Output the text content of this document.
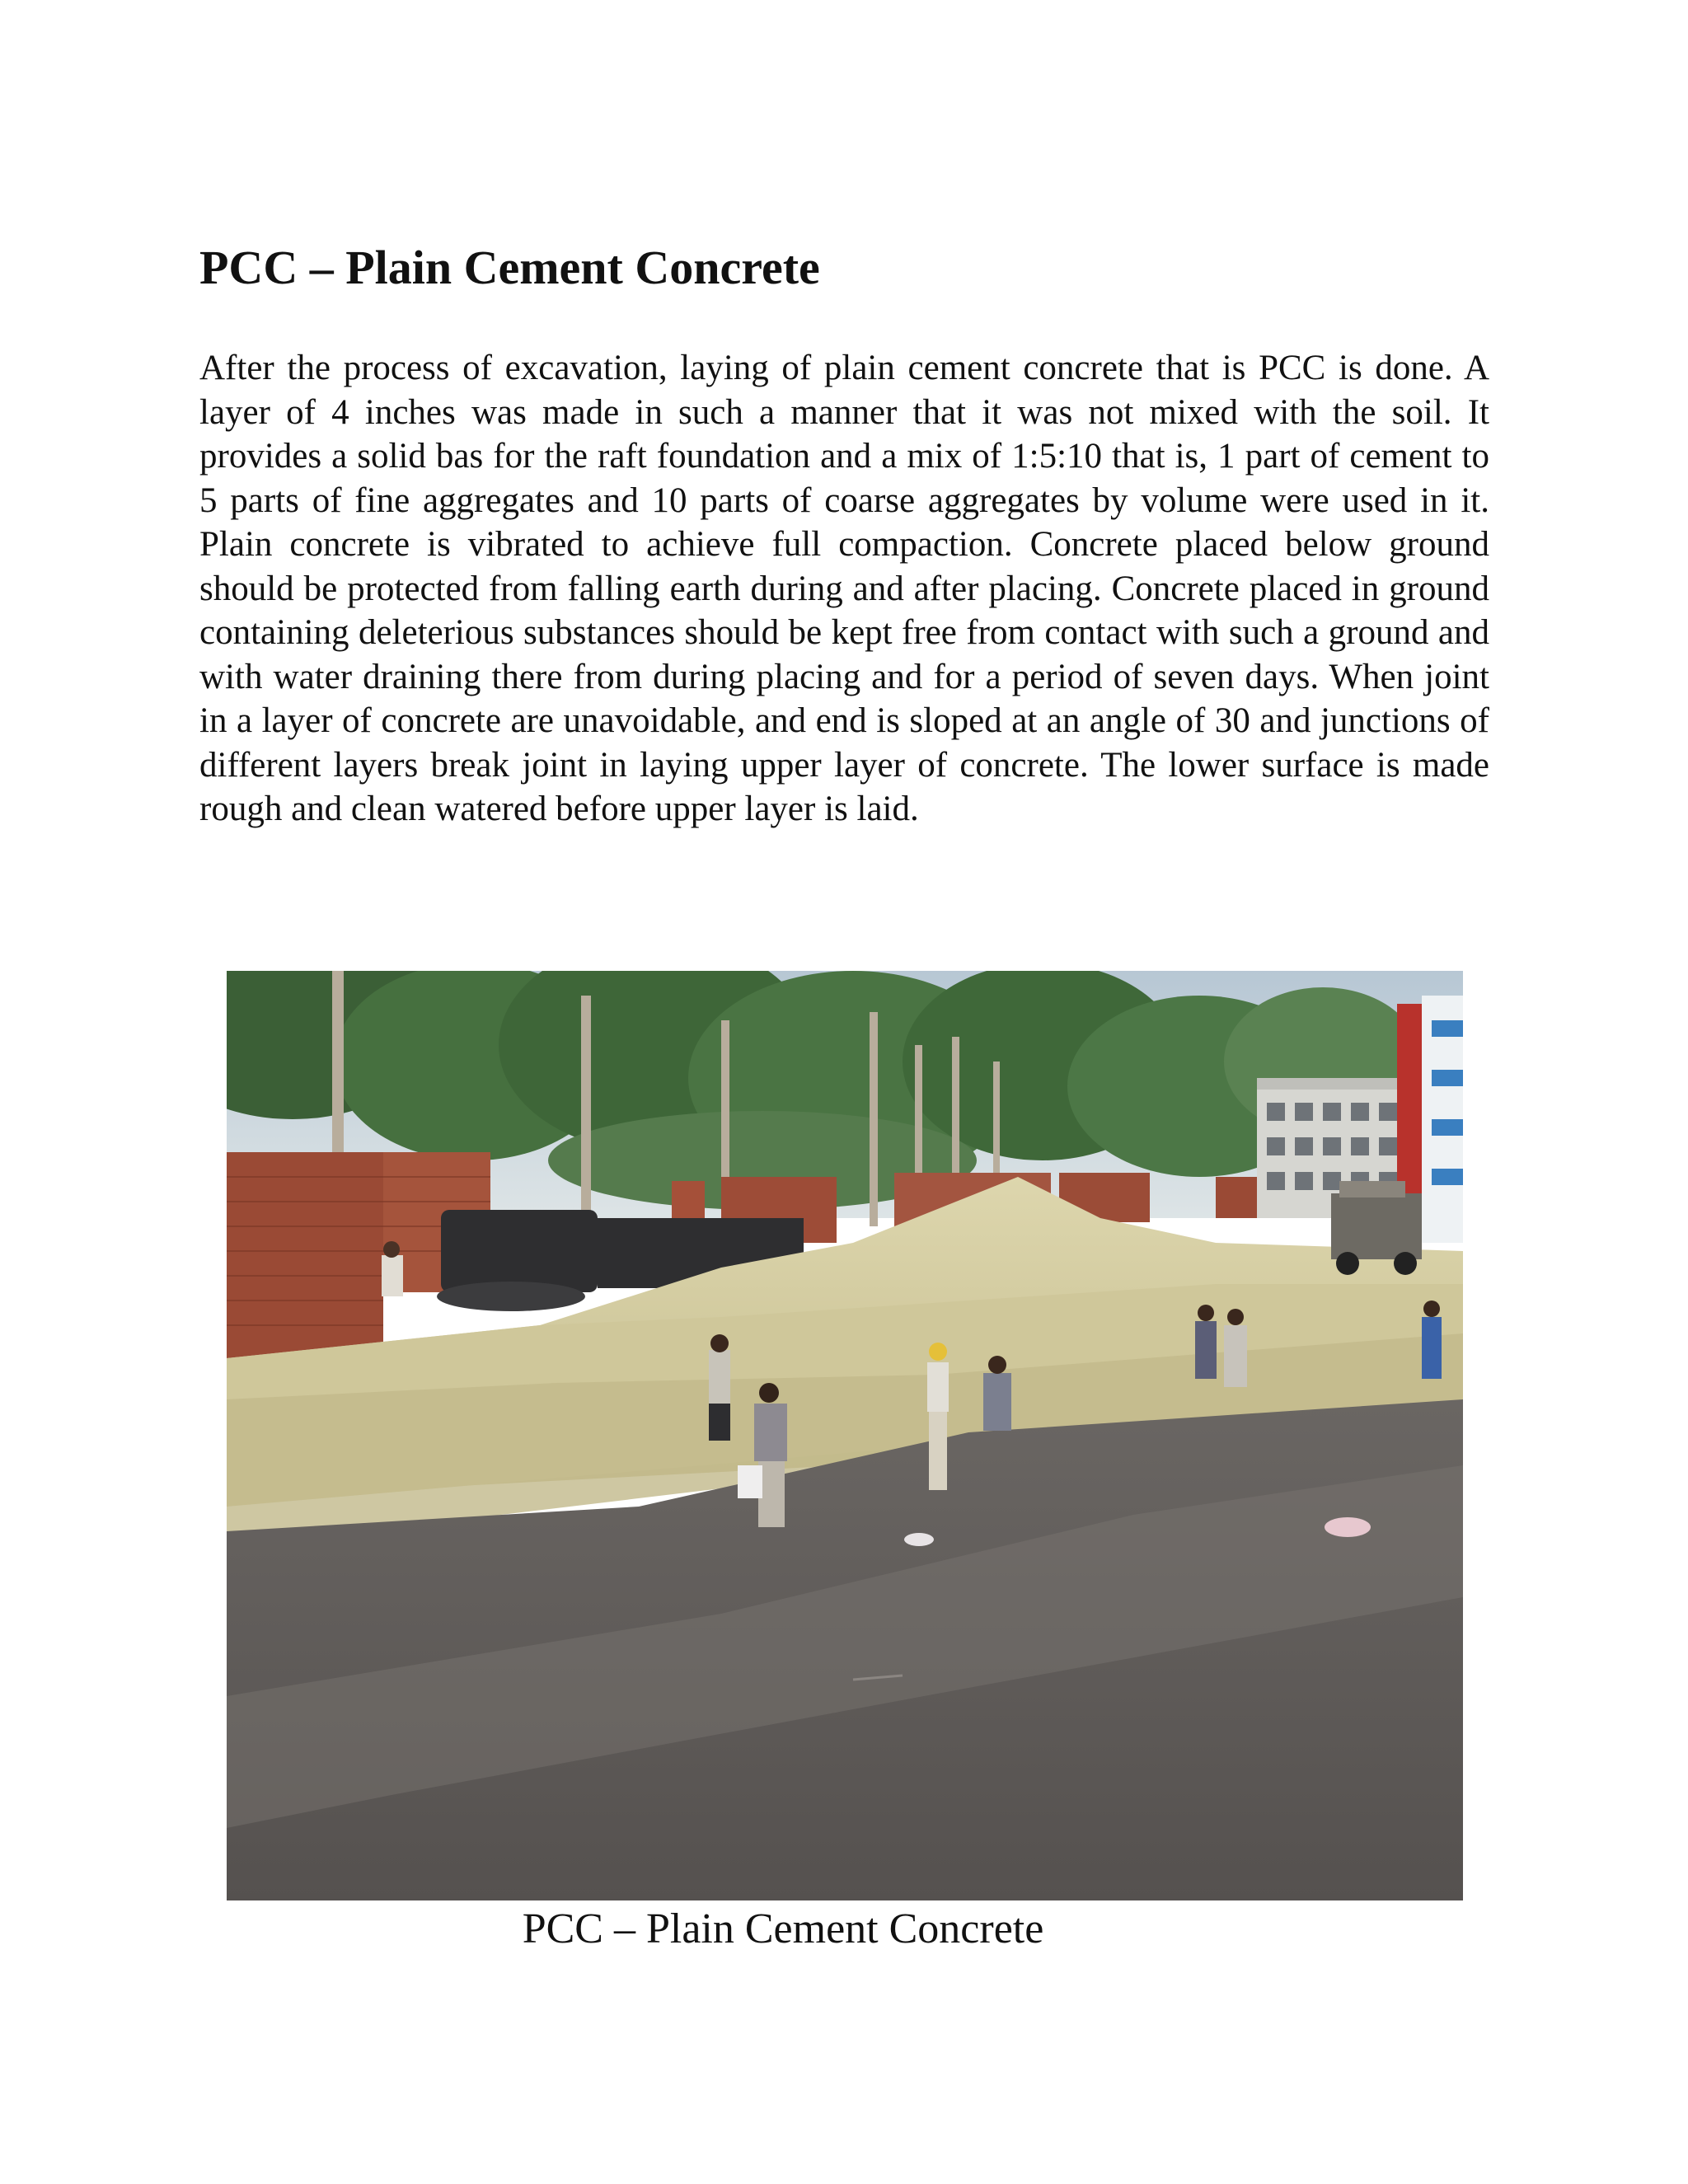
PCC – Plain Cement Concrete

After the process of excavation, laying of plain cement concrete that is PCC is done. A layer of 4 inches was made in such a manner that it was not mixed with the soil. It provides a solid bas for the raft foundation and a mix of 1:5:10 that is, 1 part of cement to 5 parts of fine aggregates and 10 parts of coarse aggregates by volume were used in it. Plain concrete is vibrated to achieve full compaction. Concrete placed below ground should be protected from falling earth during and after placing. Concrete placed in ground containing deleterious substances should be kept free from contact with such a ground and with water draining there from during placing and for a period of seven days. When joint in a layer of concrete are unavoidable, and end is sloped at an angle of 30 and junctions of different layers break joint in laying upper layer of concrete. The lower surface is made rough and clean watered before upper layer is laid.

PCC – Plain Cement Concrete
